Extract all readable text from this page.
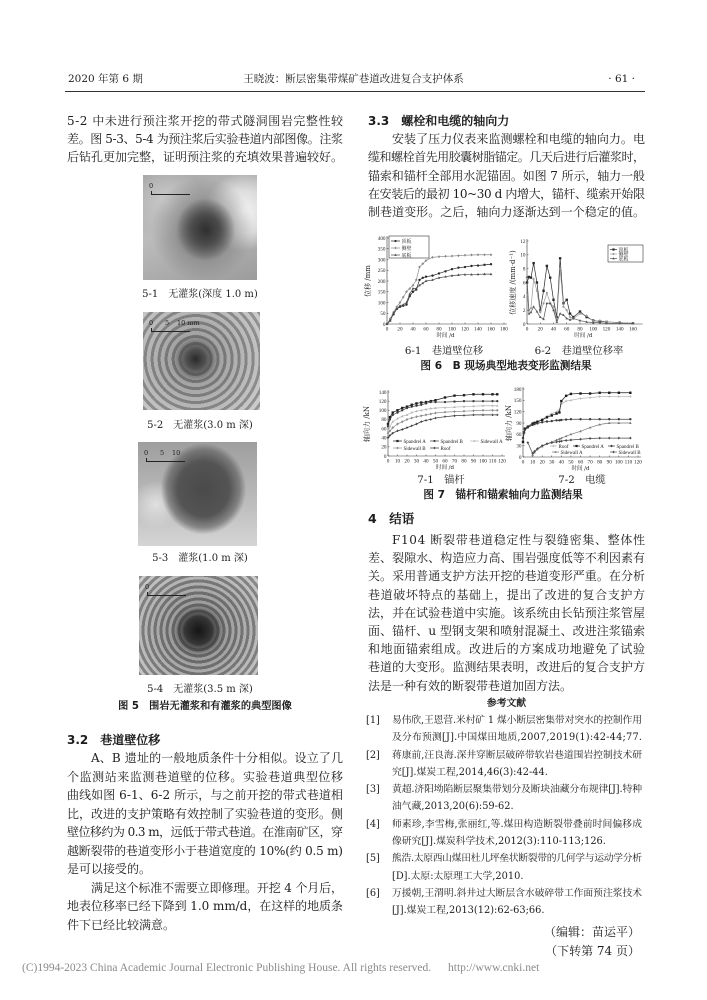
2020 年第 6 期	王晓波：断层密集带煤矿巷道改进复合支护体系	· 61 ·
5-2 中未进行预注浆开挖的带式隧洞围岩完整性较
差。图 5-3、5-4 为预注浆后实验巷道内部图像。注浆
后钻孔更加完整，证明预注浆的充填效果普遍较好。
0
5-1　无灌浆(深度 1.0 m)
0 5 10 mm
5-2　无灌浆(3.0 m 深)
0 5 10
5-3　灌浆(1.0 m 深)
0
5-4　无灌浆(3.5 m 深)
图 5　围岩无灌浆和有灌浆的典型图像
3.2　巷道壁位移
A、B 遗址的一般地质条件十分相似。设立了几
个监测站来监测巷道壁的位移。实验巷道典型位移
曲线如图 6-1、6-2 所示，与之前开挖的带式巷道相
比，改进的支护策略有效控制了实验巷道的变形。侧
壁位移约为 0.3 m，远低于带式巷道。在淮南矿区，穿
越断裂带的巷道变形小于巷道宽度的 10%(约 0.5 m)
是可以接受的。
满足这个标准不需要立即修理。开挖 4 个月后，
地表位移率已经下降到 1.0 mm/d，在这样的地质条
件下已经比较满意。
3.3　螺栓和电缆的轴向力
安装了压力仪表来监测螺栓和电缆的轴向力。电
缆和螺栓首先用胶囊树脂锚定。几天后进行后灌浆时，
锚索和锚杆全部用水泥锚固。如图 7 所示，轴力一般
在安装后的最初 10~30 d 内增大，锚杆、缆索开始限
制巷道变形。之后，轴向力逐渐达到一个稳定的值。
0 20 40 60 80 100 120 140 160 180
0
50
100
150
200
250
300
350
400
时间 /d
位移 /mm
顶板
侧壁
底板
0 20 40 60 80 100 120 140 160
0
2
4
6
8
10
12
时间 /d
位移速度 /(mm·d⁻¹)	顶板
侧壁
底板
6-1　巷道壁位移	6-2　巷道壁位移率
图 6　B 现场典型地表变形监测结果
0 10 20 30 40 50 60 70 80 90 100 110 120
0
20
40
60
80
100
120
140
时间 /d
轴向力 /kN
Spandrel A	Spandrel B	Sidewall A
Sidewall B	Roof
0 10 20 30 40 50 60 70 80 90 100 110 120
0
30
60
90
120
150
180
时间 /d
轴向力 /kN
Roof	Spandrel A	Spandrel B
Sidewall A	Sidewall B
7-1　锚杆	7-2　电缆
图 7　锚杆和锚索轴向力监测结果
4　结语
F104 断裂带巷道稳定性与裂缝密集、整体性
差、裂隙水、构造应力高、围岩强度低等不利因素有
关。采用普通支护方法开挖的巷道变形严重。在分析
巷道破坏特点的基础上，提出了改进的复合支护方
法，并在试验巷道中实施。该系统由长钻预注浆管屋
面、锚杆、u 型钢支架和喷射混凝土、改进注浆锚索
和地面锚索组成。改进后的方案成功地避免了试验
巷道的大变形。监测结果表明，改进后的复合支护方
法是一种有效的断裂带巷道加固方法。
参考文献
[1]	易伟欣,王恩营.米村矿 1 煤小断层密集带对突水的控制作用
及分布预测[J].中国煤田地质,2007,2019(1):42-44;77.
[2]	蒋康前,汪良海.深井穿断层破碎带软岩巷道围岩控制技术研
究[J].煤炭工程,2014,46(3):42-44.
[3]	黄超.济阳坳陷断层聚集带划分及断块油藏分布规律[J].特种
油气藏,2013,20(6):59-62.
[4]	师素珍,李雪梅,张丽红,等.煤田构造断裂带叠前时间偏移成
像研究[J].煤炭科学技术,2012(3):110-113;126.
[5]	熊浩.太原西山煤田杜儿坪垒状断裂带的几何学与运动学分析
[D].太原:太原理工大学,2010.
[6]	万援朝,王渭明.斜井过大断层含水破碎带工作面预注浆技术
[J].煤炭工程,2013(12):62-63;66.
（编辑：苗运平）
（下转第 74 页）
(C)1994-2023 China Academic Journal Electronic Publishing House. All rights reserved. http://www.cnki.net
